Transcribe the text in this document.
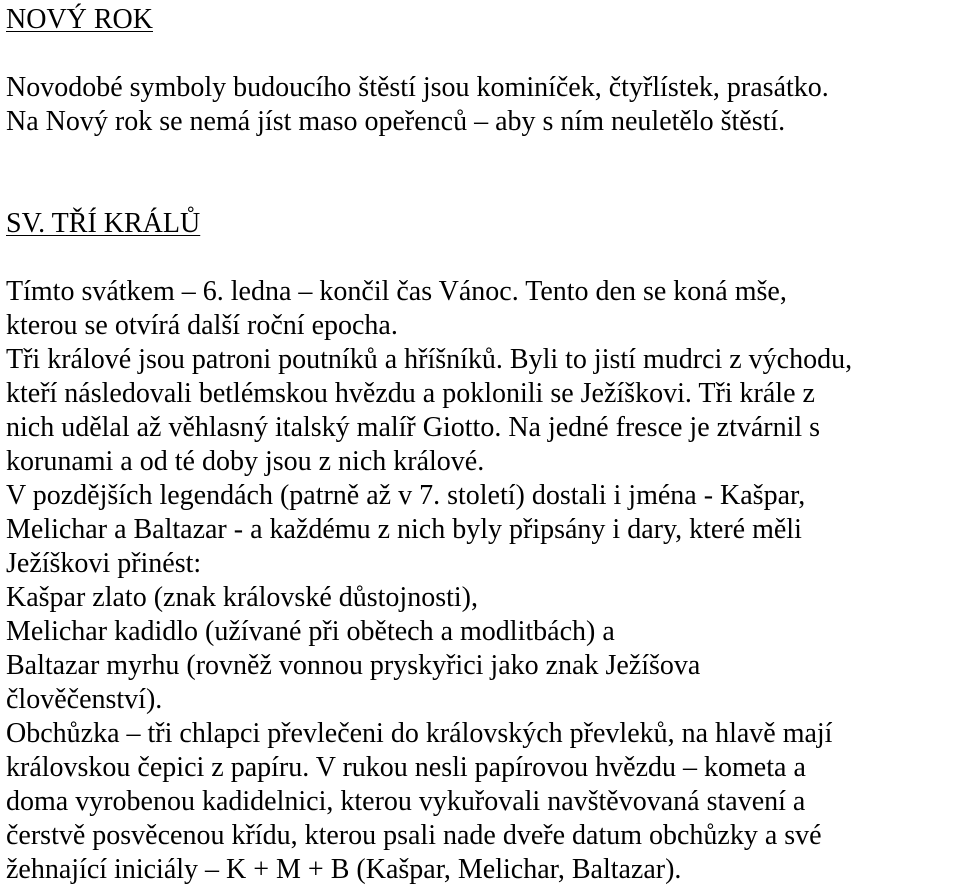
NOVÝ ROK
Novodobé symboly budoucího štěstí jsou kominíček, čtyřlístek, prasátko.
Na Nový rok se nemá jíst maso opeřenců – aby s ním neuletělo štěstí.
SV. TŘÍ KRÁLŮ
Tímto svátkem – 6. ledna – končil čas Vánoc. Tento den se koná mše,
kterou se otvírá další roční epocha.
Tři králové jsou patroni poutníků a hříšníků. Byli to jistí mudrci z východu,
kteří následovali betlémskou hvězdu a poklonili se Ježíškovi. Tři krále z
nich udělal až věhlasný italský malíř Giotto. Na jedné fresce je ztvárnil s
korunami a od té doby jsou z nich králové.
V pozdějších legendách (patrně až v 7. století) dostali i jména - Kašpar,
Melichar a Baltazar - a každému z nich byly připsány i dary, které měli
Ježíškovi přinést:
Kašpar zlato (znak královské důstojnosti),
Melichar kadidlo (užívané při obětech a modlitbách) a
Baltazar myrhu (rovněž vonnou pryskyřici jako znak Ježíšova
člověčenství).
Obchůzka – tři chlapci převlečeni do královských převleků, na hlavě mají
královskou čepici z papíru. V rukou nesli papírovou hvězdu – kometa a
doma vyrobenou kadidelnici, kterou vykuřovali navštěvovaná stavení a
čerstvě posvěcenou křídu, kterou psali nade dveře datum obchůzky a své
žehnající iniciály – K + M + B (Kašpar, Melichar, Baltazar).
